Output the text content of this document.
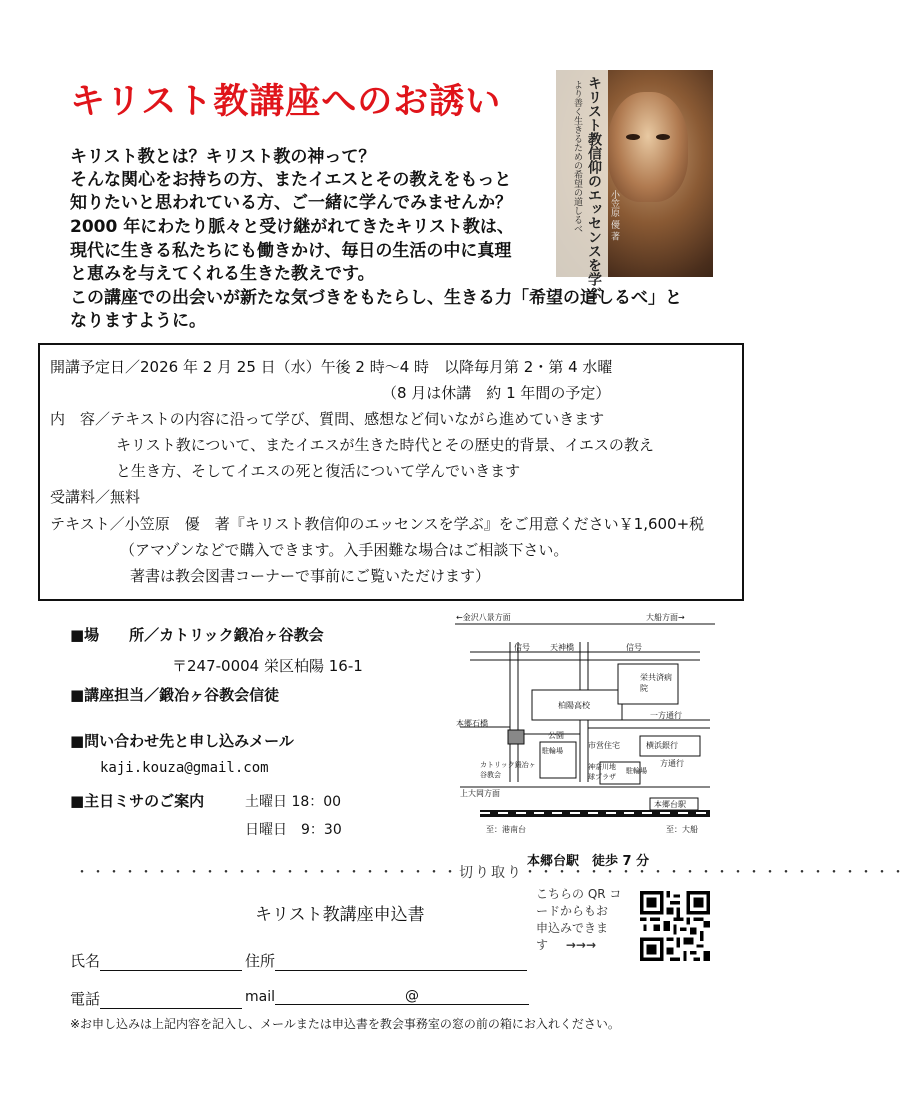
キリスト教講座へのお誘い	キリスト教信仰のエッセンスを学ぶ
より善く生きるための希望の道しるべ	小笠原 優 著
キリスト教とは？キリスト教の神って？
そんな関心をお持ちの方、またイエスとその教えをもっと
知りたいと思われている方、ご一緒に学んでみませんか？
2000 年にわたり脈々と受け継がれてきたキリスト教は、
現代に生きる私たちにも働きかけ、毎日の生活の中に真理
と恵みを与えてくれる生きた教えです。
この講座での出会いが新たな気づきをもたらし、生きる力「希望の道しるべ」と
なりますように。
開講予定日／2026 年 2 月 25 日（水）午後 2 時～4 時　以降毎月第 2・第 4 水曜
（8 月は休講　約 1 年間の予定）
内　容／テキストの内容に沿って学び、質問、感想など伺いながら進めていきます
キリスト教について、またイエスが生きた時代とその歴史的背景、イエスの教え
と生き方、そしてイエスの死と復活について学んでいきます
受講料／無料
テキスト／小笠原　優　著『キリスト教信仰のエッセンスを学ぶ』をご用意ください￥1,600+税
（アマゾンなどで購入できます。入手困難な場合はご相談下さい。
著書は教会図書コーナーで事前にご覧いただけます）
■場　　所／カトリック鍛冶ヶ谷教会
〒247-0004 栄区柏陽 16-1
■講座担当／鍛冶ヶ谷教会信徒
■問い合わせ先と申し込みメール
kaji.kouza@gmail.com
■主日ミサのご案内	土曜日 18：00
日曜日　9：30
←金沢八景方面	大船方面→
信号	天神橋	信号
栄共済病院
柏陽高校
本郷石橋
公園
市営住宅
一方通行
横浜銀行
方通行
駐輪場
カトリック鍛冶ヶ谷教会
神奈川地球プラザ
駐輪場
上大岡方面
本郷台駅
至：港南台	至：大船
本郷台駅　徒歩 7 分
・・・・・・・・・・・・・・・・・・・・・・・・切り取り・・・・・・・・・・・・・・・・・・・・・・・・
キリスト教講座申込書
こちらの QR コ
ードからもお
申込みできま
す →→→
氏名	住所
電話	mail	@
※お申し込みは上記内容を記入し、メールまたは申込書を教会事務室の窓の前の箱にお入れください。
